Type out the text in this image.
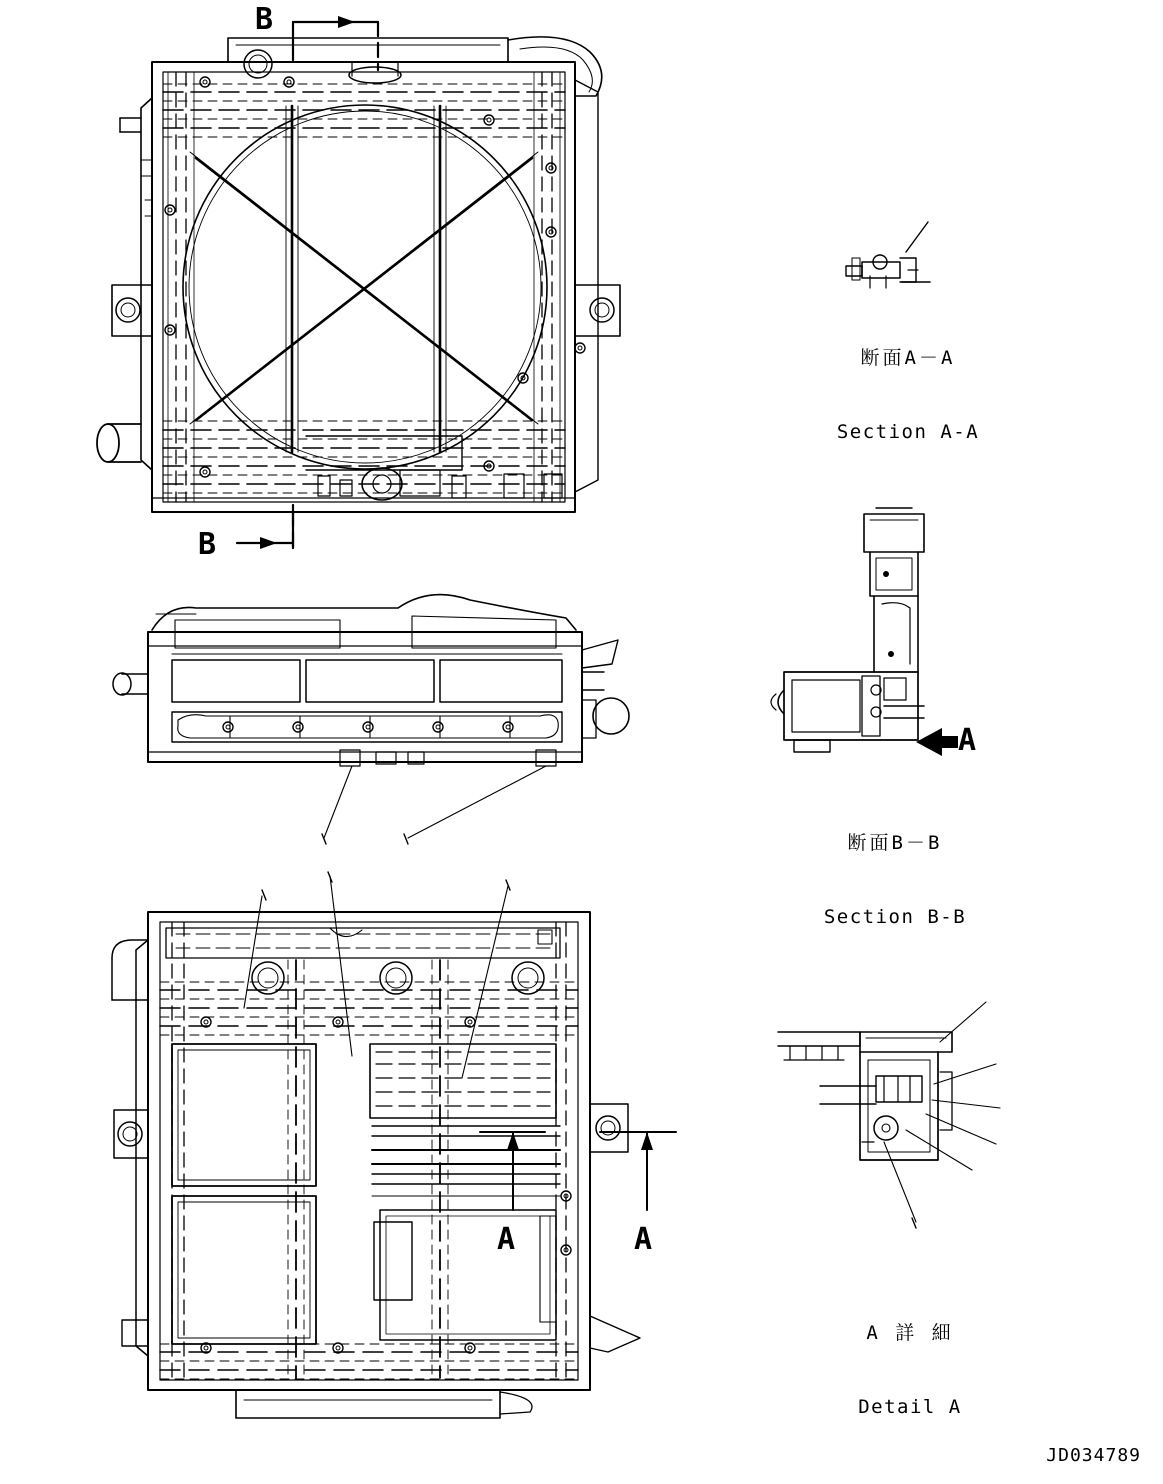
B
B
A	A
A

断面A－A

Section A-A

断面B－B

Section B-B

A 詳 細

Detail A

JD034789
